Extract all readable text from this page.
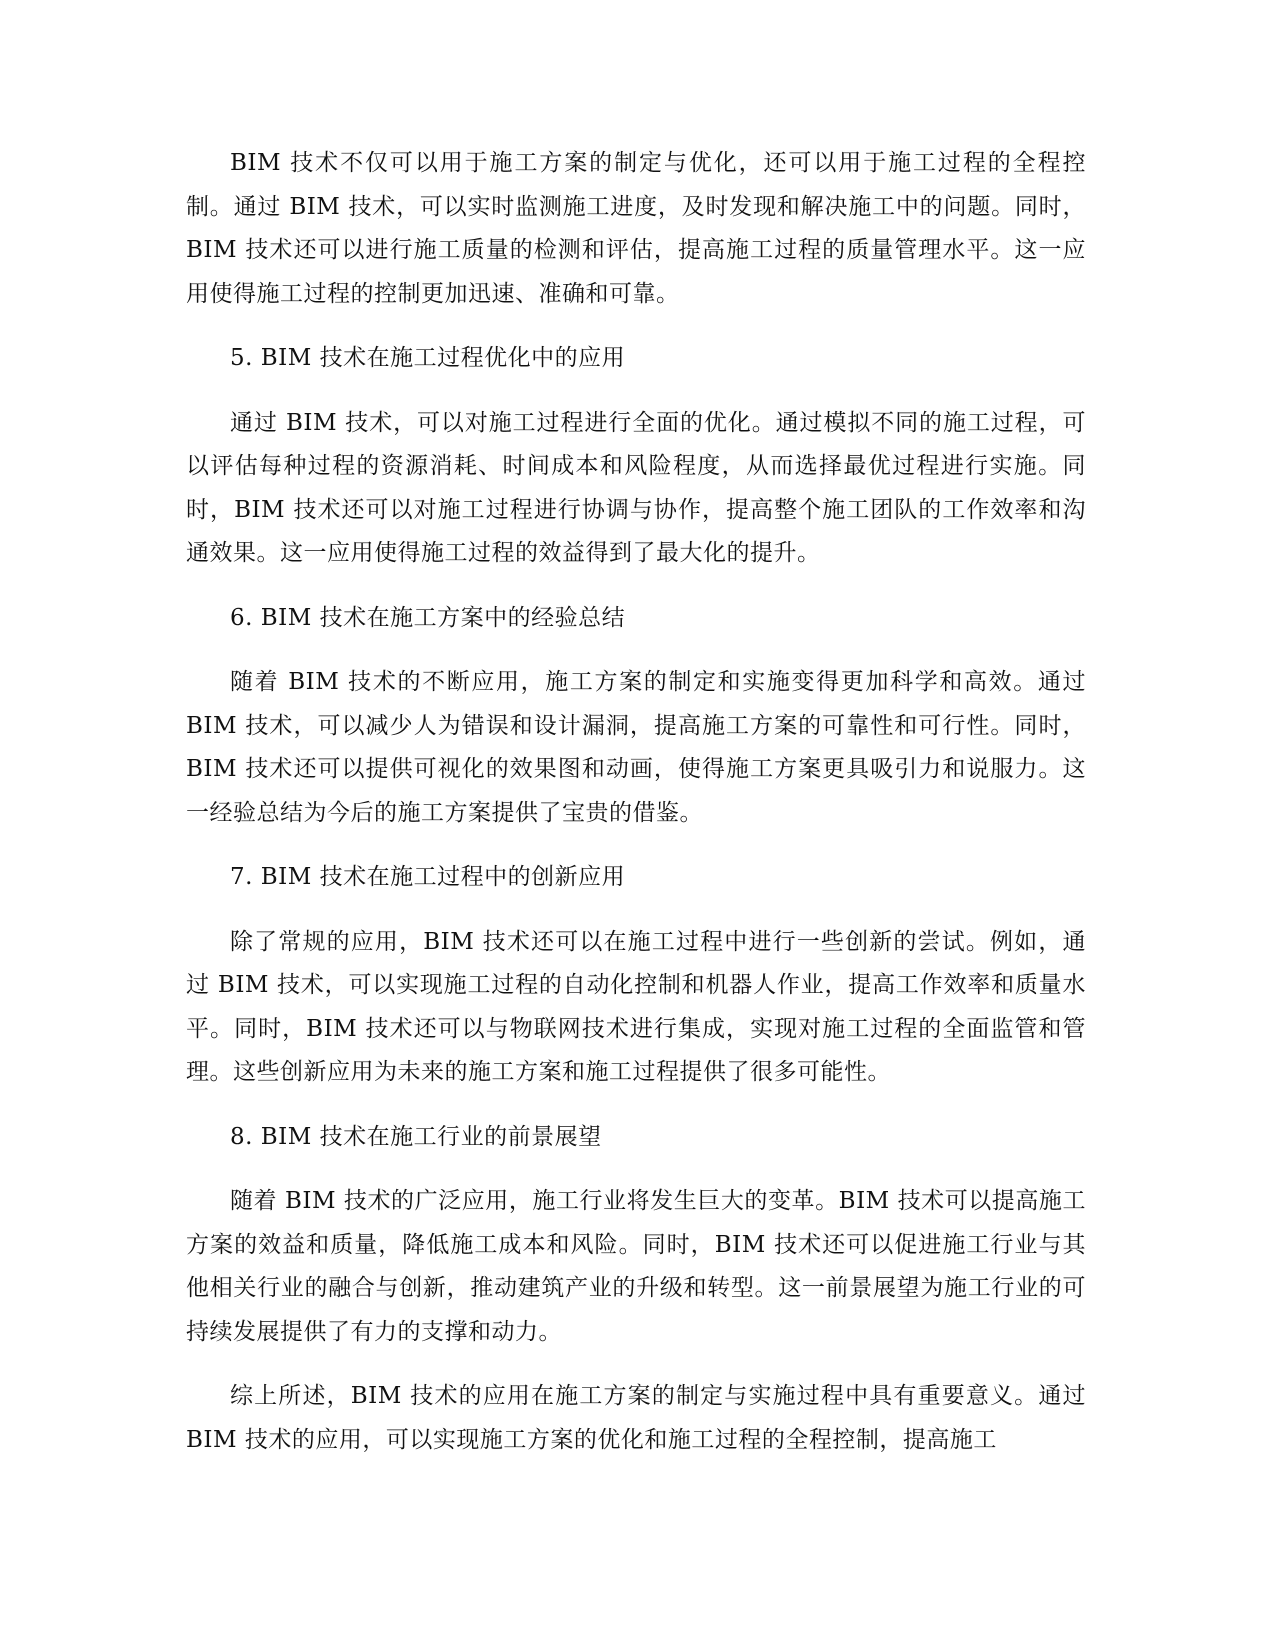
BIM 技术不仅可以用于施工方案的制定与优化，还可以用于施工过程的全程控制。通过 BIM 技术，可以实时监测施工进度，及时发现和解决施工中的问题。同时，BIM 技术还可以进行施工质量的检测和评估，提高施工过程的质量管理水平。这一应用使得施工过程的控制更加迅速、准确和可靠。

5. BIM 技术在施工过程优化中的应用

通过 BIM 技术，可以对施工过程进行全面的优化。通过模拟不同的施工过程，可以评估每种过程的资源消耗、时间成本和风险程度，从而选择最优过程进行实施。同时，BIM 技术还可以对施工过程进行协调与协作，提高整个施工团队的工作效率和沟通效果。这一应用使得施工过程的效益得到了最大化的提升。

6. BIM 技术在施工方案中的经验总结

随着 BIM 技术的不断应用，施工方案的制定和实施变得更加科学和高效。通过 BIM 技术，可以减少人为错误和设计漏洞，提高施工方案的可靠性和可行性。同时，BIM 技术还可以提供可视化的效果图和动画，使得施工方案更具吸引力和说服力。这一经验总结为今后的施工方案提供了宝贵的借鉴。

7. BIM 技术在施工过程中的创新应用

除了常规的应用，BIM 技术还可以在施工过程中进行一些创新的尝试。例如，通过 BIM 技术，可以实现施工过程的自动化控制和机器人作业，提高工作效率和质量水平。同时，BIM 技术还可以与物联网技术进行集成，实现对施工过程的全面监管和管理。这些创新应用为未来的施工方案和施工过程提供了很多可能性。

8. BIM 技术在施工行业的前景展望

随着 BIM 技术的广泛应用，施工行业将发生巨大的变革。BIM 技术可以提高施工方案的效益和质量，降低施工成本和风险。同时，BIM 技术还可以促进施工行业与其他相关行业的融合与创新，推动建筑产业的升级和转型。这一前景展望为施工行业的可持续发展提供了有力的支撑和动力。

综上所述，BIM 技术的应用在施工方案的制定与实施过程中具有重要意义。通过 BIM 技术的应用，可以实现施工方案的优化和施工过程的全程控制，提高施工
